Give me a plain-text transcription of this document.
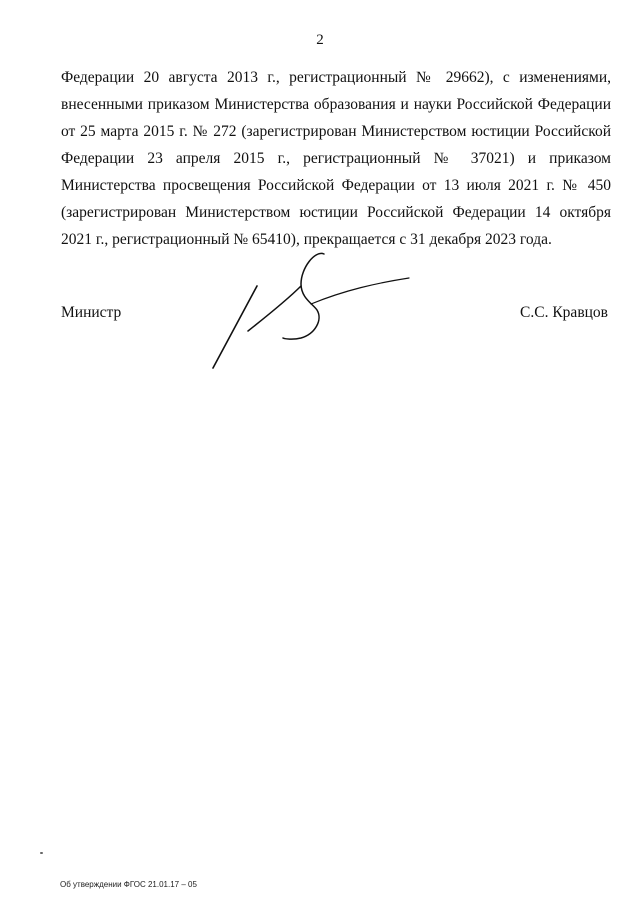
2

Федерации 20 августа 2013 г., регистрационный № 29662), с изменениями, внесенными приказом Министерства образования и науки Российской Федерации от 25 марта 2015 г. № 272 (зарегистрирован Министерством юстиции Российской Федерации 23 апреля 2015 г., регистрационный № 37021) и приказом Министерства просвещения Российской Федерации от 13 июля 2021 г. № 450 (зарегистрирован Министерством юстиции Российской Федерации 14 октября 2021 г., регистрационный № 65410), прекращается с 31 декабря 2023 года.

Министр	С.С. Кравцов
Об утверждении ФГОС 21.01.17 – 05
